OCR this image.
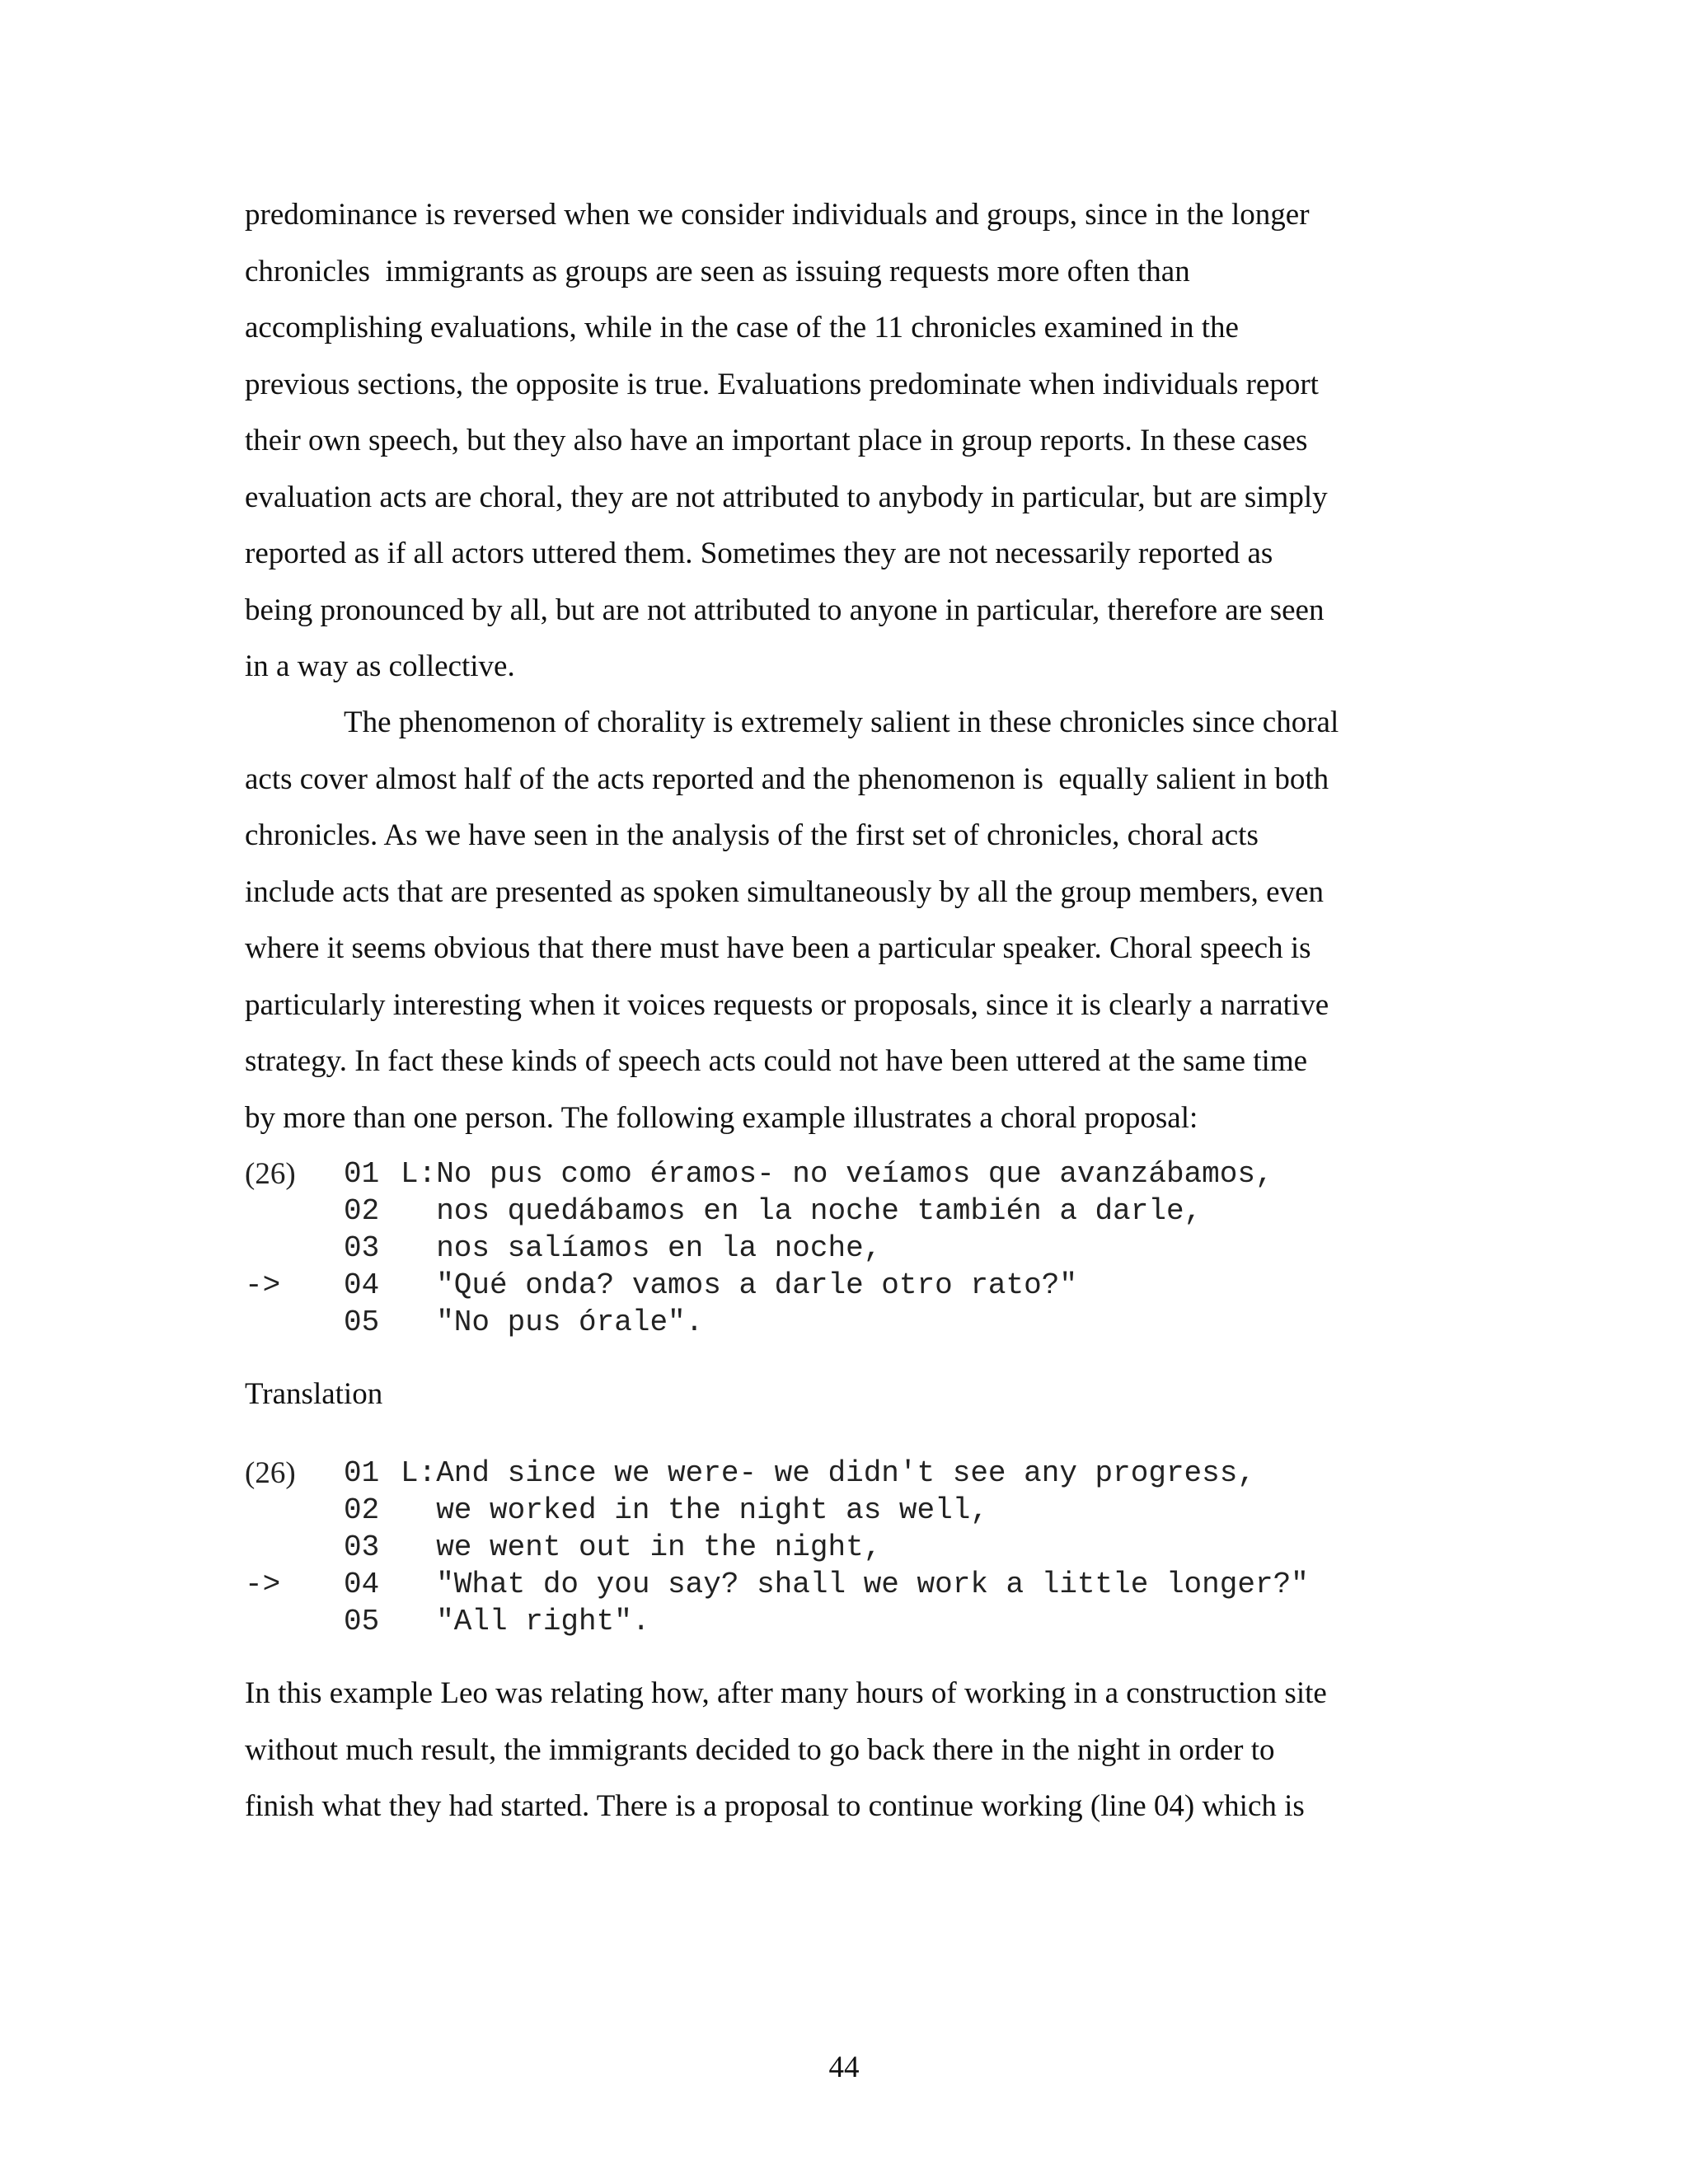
predominance is reversed when we consider individuals and groups, since in the longer
chronicles  immigrants as groups are seen as issuing requests more often than
accomplishing evaluations, while in the case of the 11 chronicles examined in the
previous sections, the opposite is true. Evaluations predominate when individuals report
their own speech, but they also have an important place in group reports. In these cases
evaluation acts are choral, they are not attributed to anybody in particular, but are simply
reported as if all actors uttered them. Sometimes they are not necessarily reported as
being pronounced by all, but are not attributed to anyone in particular, therefore are seen
in a way as collective.

The phenomenon of chorality is extremely salient in these chronicles since choral
acts cover almost half of the acts reported and the phenomenon is  equally salient in both
chronicles. As we have seen in the analysis of the first set of chronicles, choral acts
include acts that are presented as spoken simultaneously by all the group members, even
where it seems obvious that there must have been a particular speaker. Choral speech is
particularly interesting when it voices requests or proposals, since it is clearly a narrative
strategy. In fact these kinds of speech acts could not have been uttered at the same time
by more than one person. The following example illustrates a choral proposal:

(26) 01 L:No pus como éramos- no veíamos que avanzábamos,
02 nos quedábamos en la noche también a darle,
03 nos salíamos en la noche,
-> 04 "Qué onda? vamos a darle otro rato?"
05 "No pus órale".

Translation

(26) 01 L:And since we were- we didn't see any progress,
02 we worked in the night as well,
03 we went out in the night,
-> 04 "What do you say? shall we work a little longer?"
05 "All right".

In this example Leo was relating how, after many hours of working in a construction site
without much result, the immigrants decided to go back there in the night in order to
finish what they had started. There is a proposal to continue working (line 04) which is

44
